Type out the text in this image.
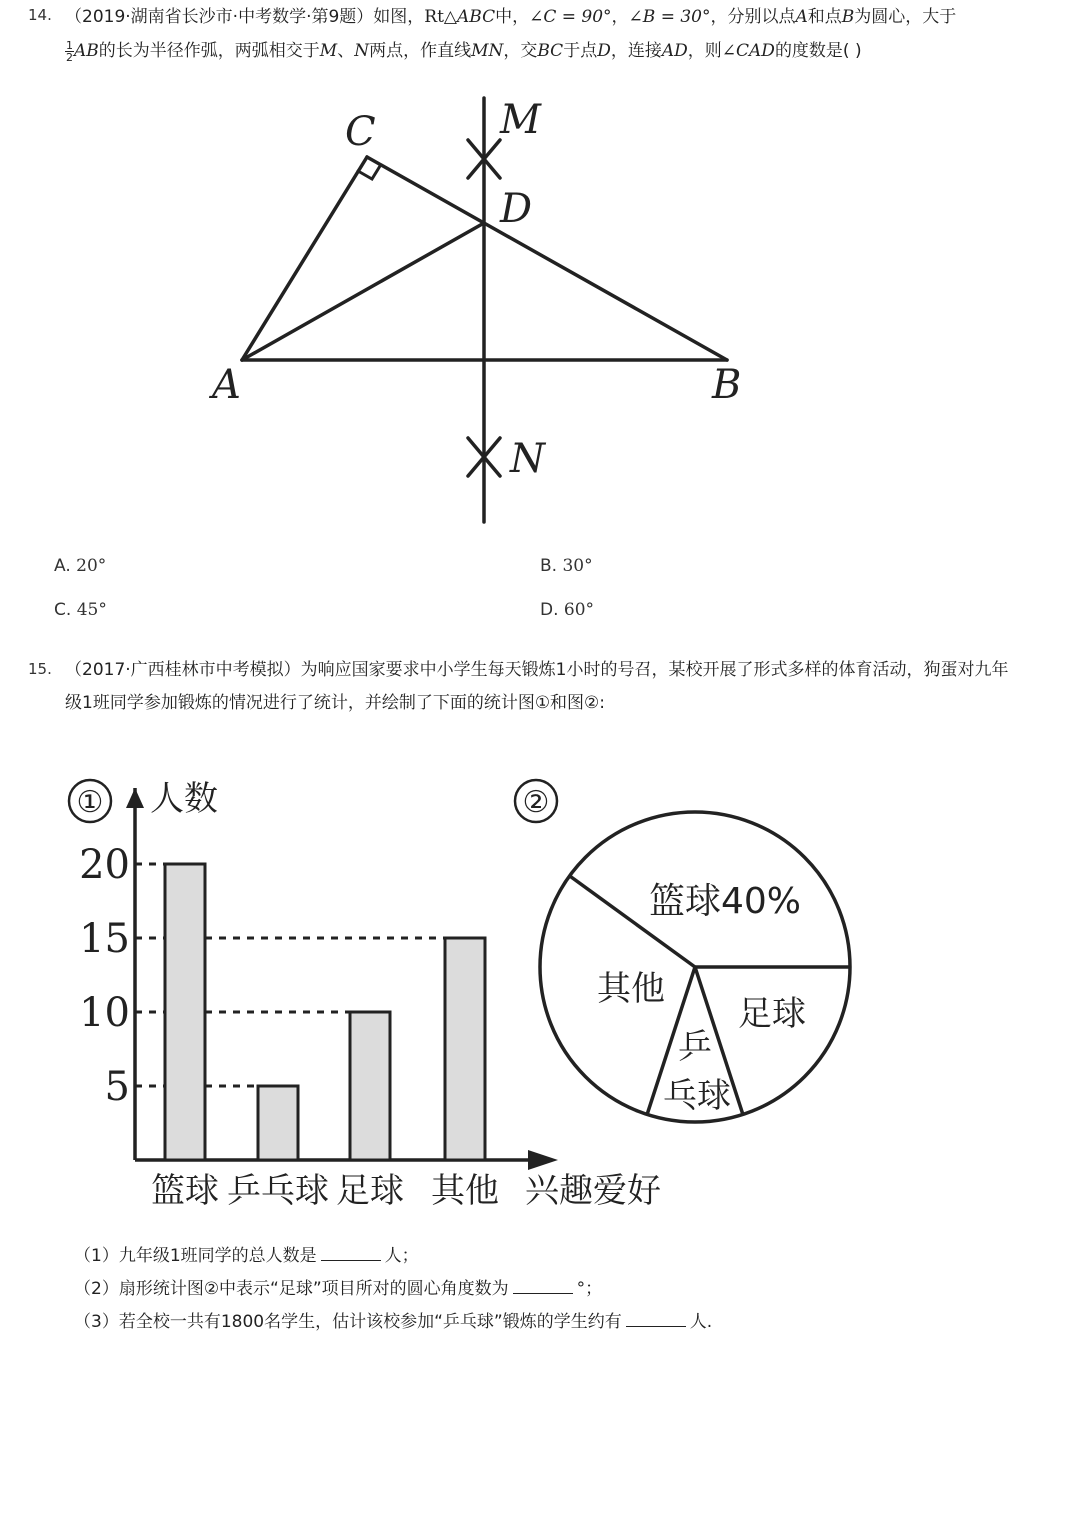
14. （2019·湖南省长沙市·中考数学·第9题）如图，Rt△ABC中，∠C = 90°，∠B = 30°，分别以点A和点B为圆心，大于
$\frac{1}{2}$ AB的长为半径作弧，两弧相交于M、N两点，作直线MN，交BC于点D，连接AD，则∠CAD的度数是( )
C	M
D
A	B
N
A. 20°	B. 30°
C. 45°	D. 60°
15. （2017·广西桂林市中考模拟）为响应国家要求中小学生每天锻炼1小时的号召，某校开展了形式多样的体育活动，狗蛋对九年
级1班同学参加锻炼的情况进行了统计，并绘制了下面的统计图①和图②:
5
10
15
20
篮球 乒乓球 足球 其他
① 人数
兴趣爱好
篮球40%
足球
乒
乓球
其他
②
（1）九年级1班同学的总人数是	人；
（2）扇形统计图②中表示“足球”项目所对的圆心角度数为	°；
（3）若全校一共有1800名学生，估计该校参加“乒乓球”锻炼的学生约有	人.
